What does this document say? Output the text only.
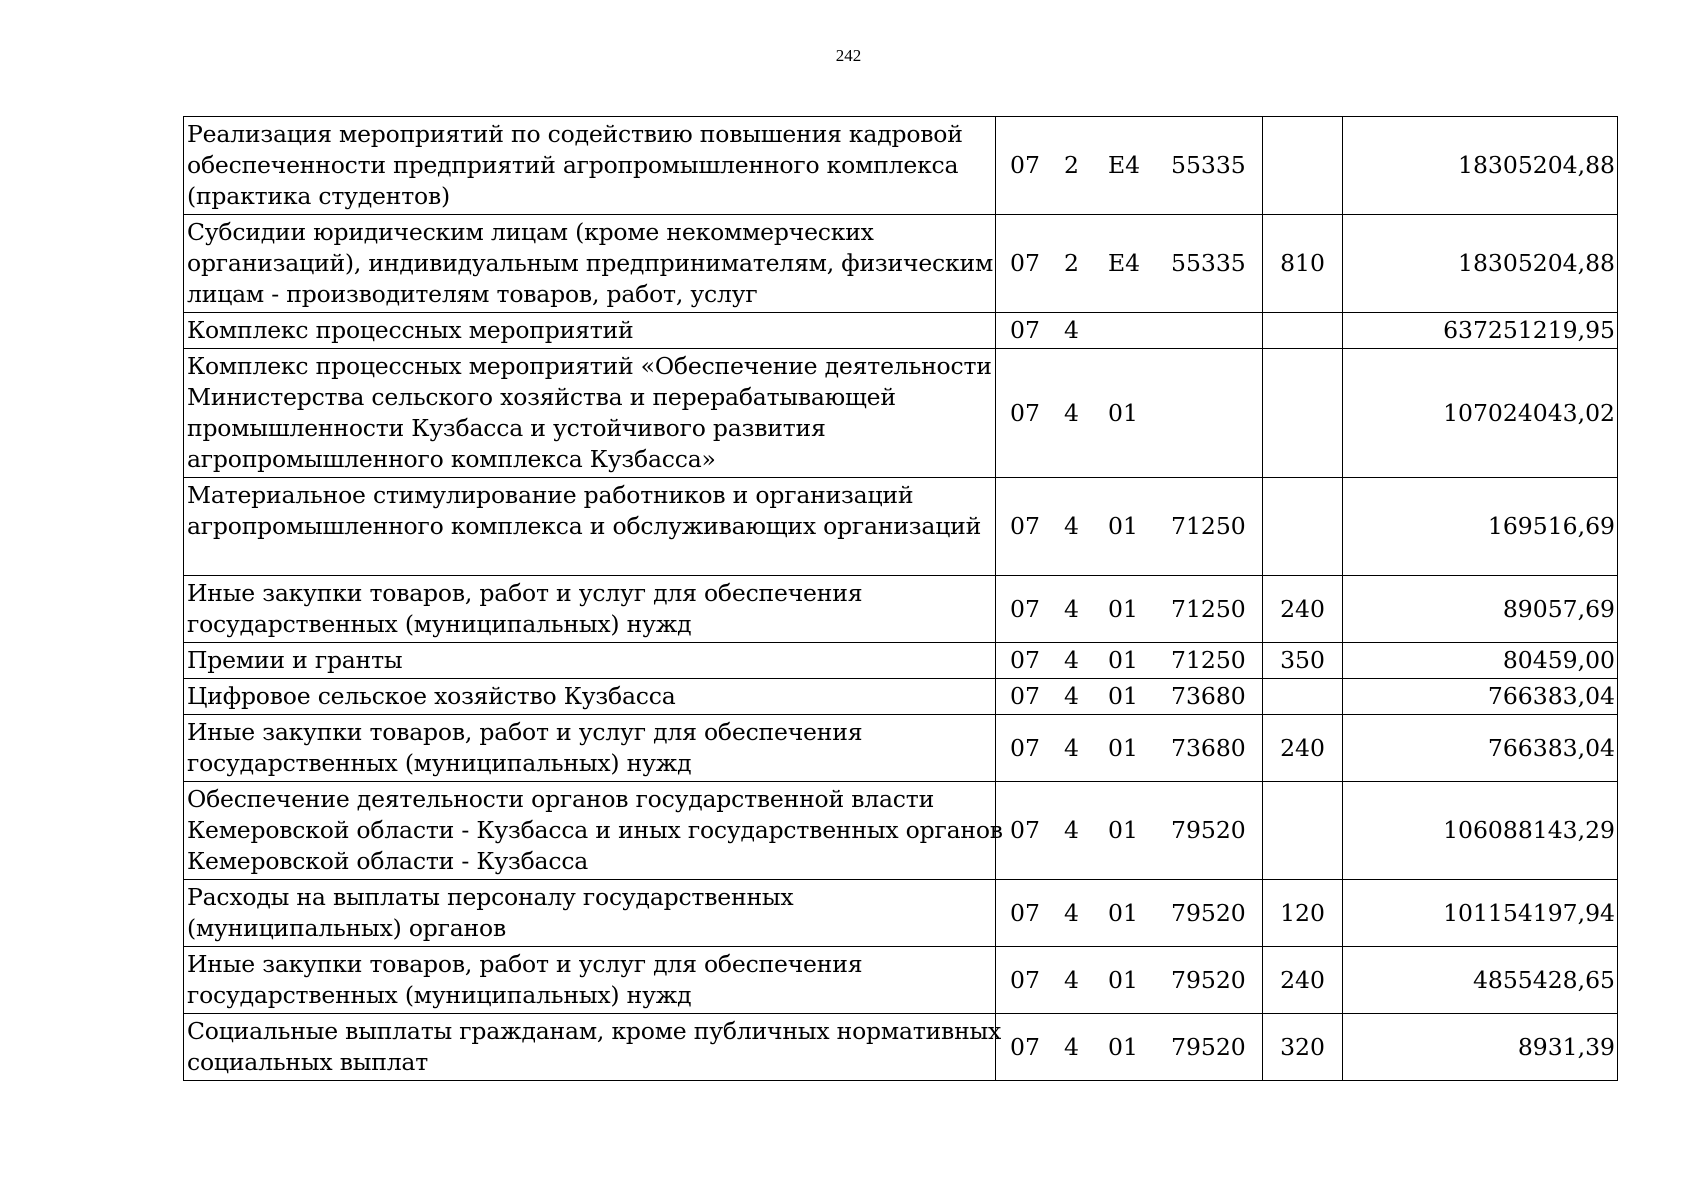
242
Реализация мероприятий по содействию повышения кадровой
обеспеченности предприятий агропромышленного комплекса
(практика студентов)	07 2 Е4 55335		18305204,88

Субсидии юридическим лицам (кроме некоммерческих
организаций), индивидуальным предпринимателям, физическим
лицам - производителям товаров, работ, услуг	07 2 Е4 55335	810	18305204,88

Комплекс процессных мероприятий	07 4		637251219,95

Комплекс процессных мероприятий «Обеспечение деятельности
Министерства сельского хозяйства и перерабатывающей
промышленности Кузбасса и устойчивого развития
агропромышленного комплекса Кузбасса»	07 4 01		107024043,02

Материальное стимулирование работников и организаций
агропромышленного комплекса и обслуживающих организаций	07 4 01 71250		169516,69

Иные закупки товаров, работ и услуг для обеспечения
государственных (муниципальных) нужд	07 4 01 71250	240	89057,69

Премии и гранты	07 4 01 71250	350	80459,00

Цифровое сельское хозяйство Кузбасса	07 4 01 73680		766383,04

Иные закупки товаров, работ и услуг для обеспечения
государственных (муниципальных) нужд	07 4 01 73680	240	766383,04

Обеспечение деятельности органов государственной власти
Кемеровской области - Кузбасса и иных государственных органов
Кемеровской области - Кузбасса	07 4 01 79520		106088143,29

Расходы на выплаты персоналу государственных
(муниципальных) органов	07 4 01 79520	120	101154197,94

Иные закупки товаров, работ и услуг для обеспечения
государственных (муниципальных) нужд	07 4 01 79520	240	4855428,65

Социальные выплаты гражданам, кроме публичных нормативных
социальных выплат	07 4 01 79520	320	8931,39
